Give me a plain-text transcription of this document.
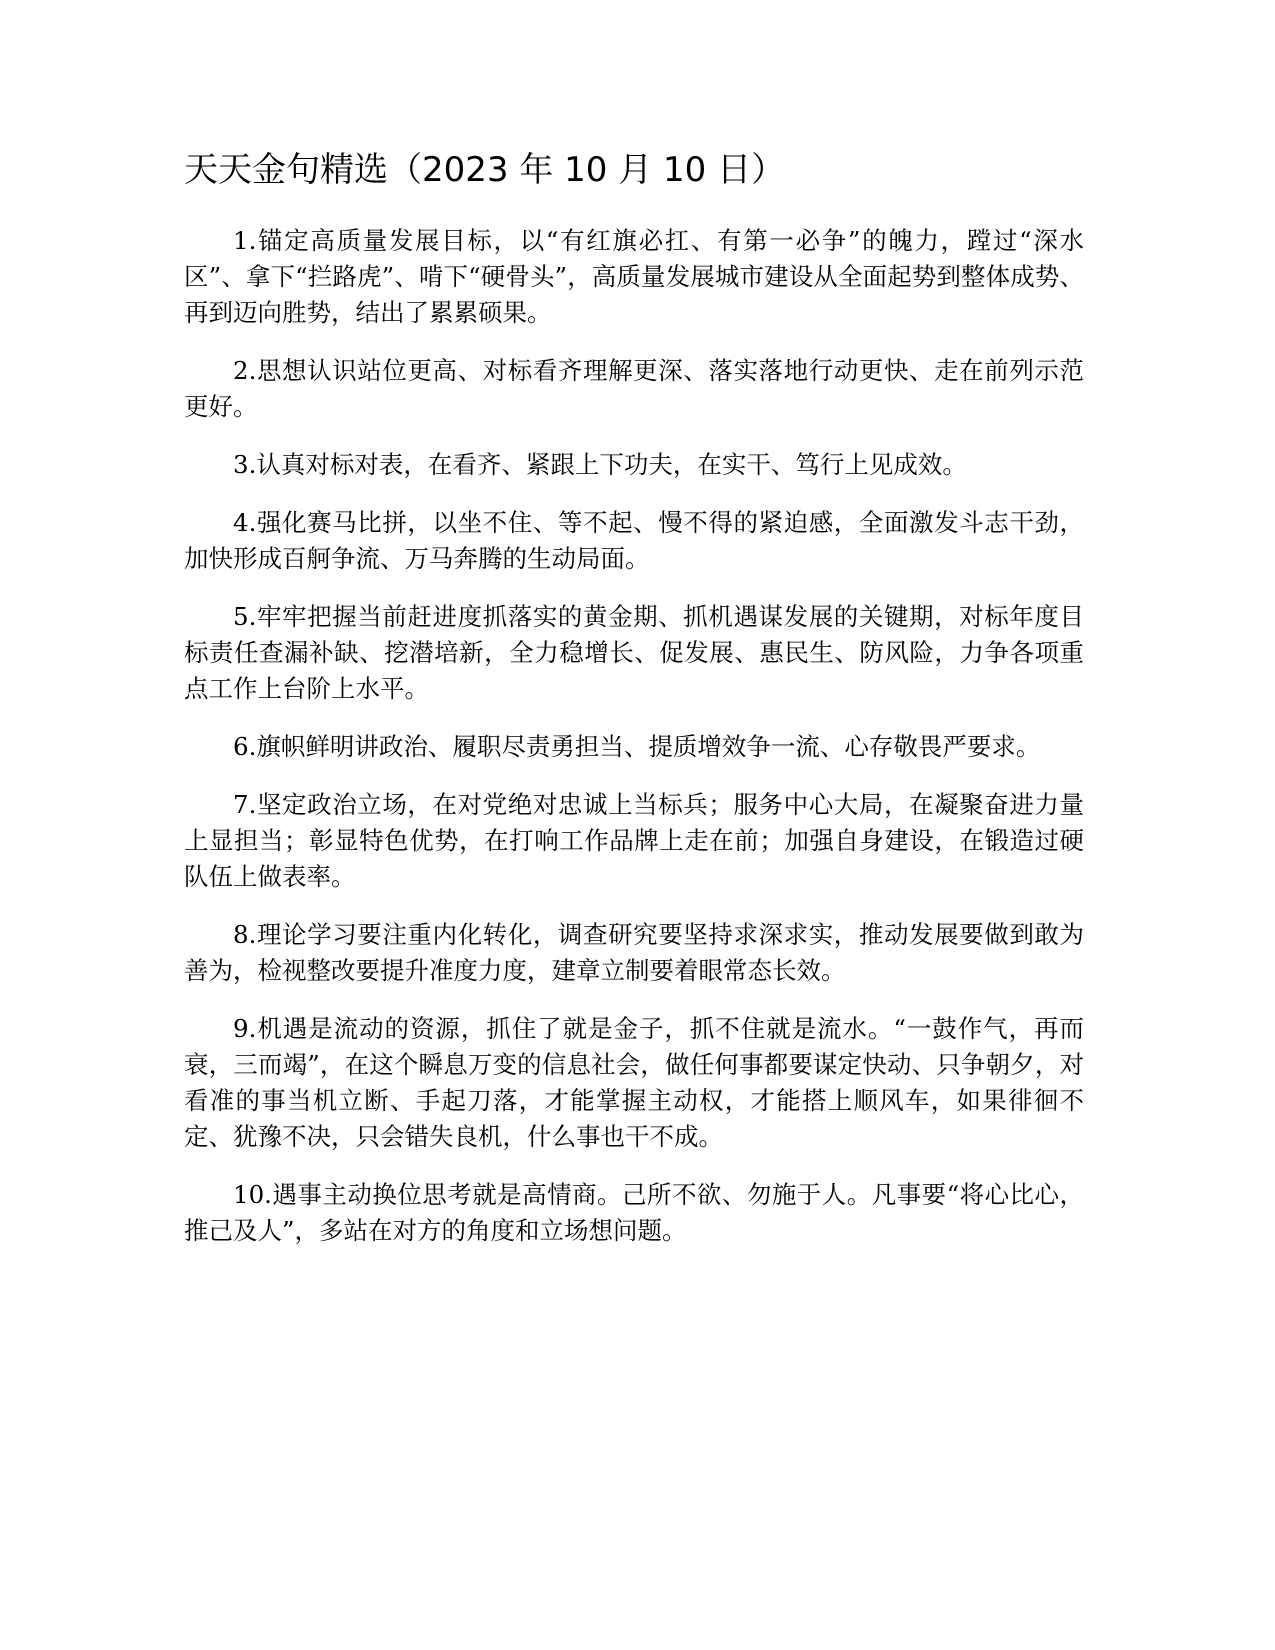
天天金句精选（2023 年 10 月 10 日）

1.锚定高质量发展目标，以“有红旗必扛、有第一必争”的魄力，蹚过“深水区”、拿下“拦路虎”、啃下“硬骨头”，高质量发展城市建设从全面起势到整体成势、再到迈向胜势，结出了累累硕果。

2.思想认识站位更高、对标看齐理解更深、落实落地行动更快、走在前列示范更好。

3.认真对标对表，在看齐、紧跟上下功夫，在实干、笃行上见成效。

4.强化赛马比拼，以坐不住、等不起、慢不得的紧迫感，全面激发斗志干劲，加快形成百舸争流、万马奔腾的生动局面。

5.牢牢把握当前赶进度抓落实的黄金期、抓机遇谋发展的关键期，对标年度目标责任查漏补缺、挖潜培新，全力稳增长、促发展、惠民生、防风险，力争各项重点工作上台阶上水平。

6.旗帜鲜明讲政治、履职尽责勇担当、提质增效争一流、心存敬畏严要求。

7.坚定政治立场，在对党绝对忠诚上当标兵；服务中心大局，在凝聚奋进力量上显担当；彰显特色优势，在打响工作品牌上走在前；加强自身建设，在锻造过硬队伍上做表率。

8.理论学习要注重内化转化，调查研究要坚持求深求实，推动发展要做到敢为善为，检视整改要提升准度力度，建章立制要着眼常态长效。

9.机遇是流动的资源，抓住了就是金子，抓不住就是流水。“一鼓作气，再而衰，三而竭”，在这个瞬息万变的信息社会，做任何事都要谋定快动、只争朝夕，对看准的事当机立断、手起刀落，才能掌握主动权，才能搭上顺风车，如果徘徊不定、犹豫不决，只会错失良机，什么事也干不成。

10.遇事主动换位思考就是高情商。己所不欲、勿施于人。凡事要“将心比心，推己及人”，多站在对方的角度和立场想问题。
